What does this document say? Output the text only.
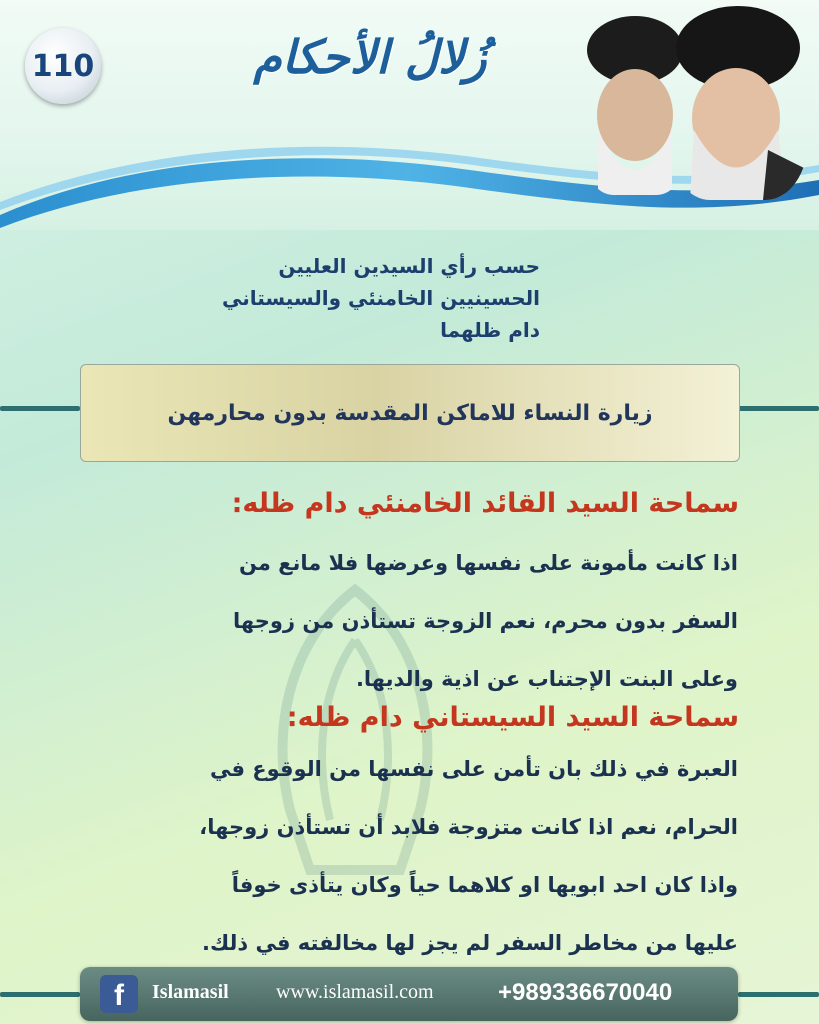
110	زُلالُ الأحكام
حسب رأي السيدين العليين
الحسينيين الخامنئي والسيستاني دام ظلهما
زيارة النساء للاماكن المقدسة بدون محارمهن
سماحة السيد القائد الخامنئي دام ظله:
اذا كانت مأمونة على نفسها وعرضها فلا مانع من
السفر بدون محرم، نعم الزوجة تستأذن من زوجها
وعلى البنت الإجتناب عن اذية والديها.
سماحة السيد السيستاني دام ظله:
العبرة في ذلك بان تأمن على نفسها من الوقوع في
الحرام، نعم اذا كانت متزوجة فلابد أن تستأذن زوجها،
واذا كان احد ابويها او كلاهما حياً وكان يتأذى خوفاً
عليها من مخاطر السفر لم يجز لها مخالفته في ذلك.
f	Islamasil www.islamasil.com	+989336670040
